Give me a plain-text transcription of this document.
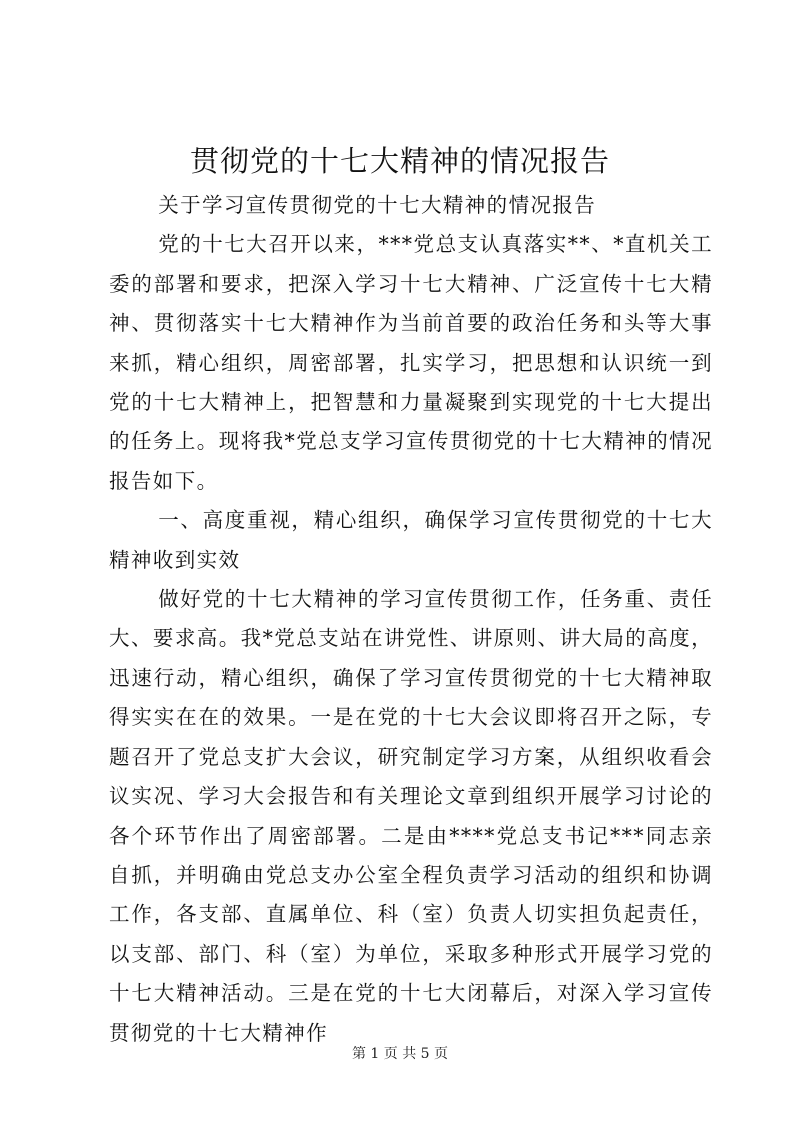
贯彻党的十七大精神的情况报告

关于学习宣传贯彻党的十七大精神的情况报告

党的十七大召开以来，***党总支认真落实**、*直机关工委的部署和要求，把深入学习十七大精神、广泛宣传十七大精神、贯彻落实十七大精神作为当前首要的政治任务和头等大事来抓，精心组织，周密部署，扎实学习，把思想和认识统一到党的十七大精神上，把智慧和力量凝聚到实现党的十七大提出的任务上。现将我*党总支学习宣传贯彻党的十七大精神的情况报告如下。

一、高度重视，精心组织，确保学习宣传贯彻党的十七大精神收到实效

做好党的十七大精神的学习宣传贯彻工作，任务重、责任大、要求高。我*党总支站在讲党性、讲原则、讲大局的高度，迅速行动，精心组织，确保了学习宣传贯彻党的十七大精神取得实实在在的效果。一是在党的十七大会议即将召开之际，专题召开了党总支扩大会议，研究制定学习方案，从组织收看会议实况、学习大会报告和有关理论文章到组织开展学习讨论的各个环节作出了周密部署。二是由****党总支书记***同志亲自抓，并明确由党总支办公室全程负责学习活动的组织和协调工作，各支部、直属单位、科（室）负责人切实担负起责任，以支部、部门、科（室）为单位，采取多种形式开展学习党的十七大精神活动。三是在党的十七大闭幕后，对深入学习宣传贯彻党的十七大精神作

第 1 页 共 5 页
